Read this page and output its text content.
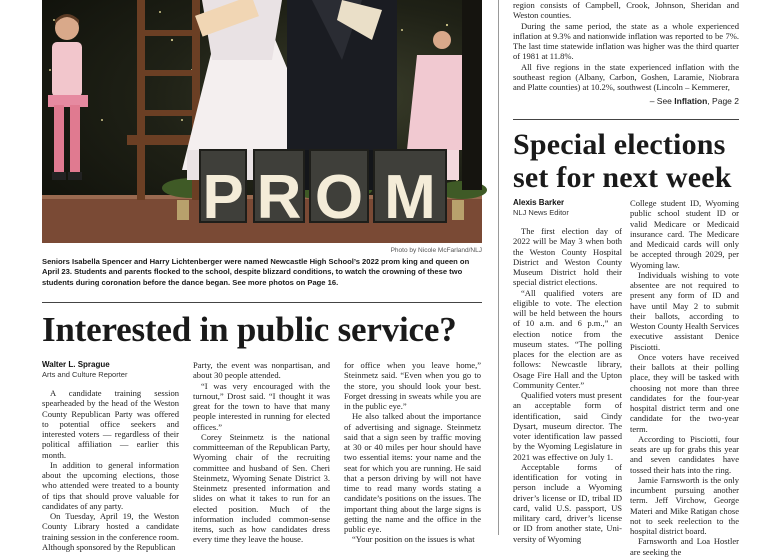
P R O M
Photo by Nicole McFarland/NLJ
Seniors Isabella Spencer and Harry Lichtenberger were named Newcastle High School’s 2022 prom king and queen on April 23. Students and parents flocked to the school, despite blizzard conditions, to watch the crowning of these two students during coronation before the dance began. See more photos on Page 16.

region consists of Campbell, Crook, Johnson, Sheridan and Weston counties.

During the same period, the state as a whole experienced inflation at 9.3% and nationwide inflation was reported to be 7%. The last time statewide inflation was higher was the third quarter of 1981 at 11.8%.

All five regions in the state experienced inflation with the southeast region (Albany, Carbon, Goshen, Laramie, Niobrara and Platte counties) at 10.2%, southwest (Lincoln – Kemmerer,

– See Inflation, Page 2
Interested in public service?
Walter L. Sprague
Arts and Culture Reporter

A candidate training session spearheaded by the head of the Weston County Republican Party was offered to potential office seekers and interested voters — regardless of their political affiliation — earlier this month.

In addition to general information about the upcoming elections, those who attended were treated to a bounty of tips that should prove valuable for candidates of any party.

On Tuesday, April 19, the Weston County Library hosted a candidate training session in the conference room. Although sponsored by the Republican

Party, the event was nonpartisan, and about 30 people attended.

“I was very encouraged with the turnout,” Drost said. “I thought it was great for the town to have that many people interested in running for elected offices.”

Corey Steinmetz is the national committeeman of the Republican Party, Wyoming chair of the recruiting committee and husband of Sen. Cheri Steinmetz, Wyoming Senate District 3. Steinmetz presented information and slides on what it takes to run for an elected position. Much of the information included common-sense items, such as how candidates dress every time they leave the house.

for office when you leave home,” Steinmetz said. “Even when you go to the store, you should look your best. Forget dressing in sweats while you are in the public eye.”

He also talked about the importance of advertising and signage. Steinmetz said that a sign seen by traffic moving at 30 or 40 miles per hour should have two essential items: your name and the seat for which you are running. He said that a person driving by will not have time to read many words stating a candidate’s positions on the issues. The important thing about the large signs is getting the name and the office in the public eye.

“Your position on the issues is what

Special elections set for next week
Alexis Barker
NLJ News Editor

The first election day of 2022 will be May 3 when both the Weston County Hospital District and Weston County Museum District hold their special district elections.

“All qualified voters are eligible to vote. The election will be held between the hours of 10 a.m. and 6 p.m.,” an election notice from the museum states. “The polling places for the election are as follows: Newcastle library, Osage Fire Hall and the Upton Community Center.”

Qualified voters must present an acceptable form of identification, said Cindy Dysart, museum director. The voter identification law passed by the Wyoming Legislature in 2021 was effective on July 1.

Acceptable forms of identification for voting in person include a Wyoming driver’s license or ID, tribal ID card, valid U.S. passport, US military card, driver’s license or ID from another state, University of Wyoming

College student ID, Wyoming public school student ID or valid Medicare or Medicaid insurance card. The Medicare and Medicaid cards will only be accepted through 2029, per Wyoming law.

Individuals wishing to vote absentee are not required to present any form of ID and have until May 2 to submit their ballots, according to Weston County Health Services executive assistant Denice Pisciotti.

Once voters have received their ballots at their polling place, they will be tasked with choosing not more than three candidates for the four-year hospital district term and one candidate for the two-year term.

According to Pisciotti, four seats are up for grabs this year and seven candidates have tossed their hats into the ring.

Jamie Farnsworth is the only incumbent pursuing another term. Jeff Virchow, George Materi and Mike Ratigan chose not to seek reelection to the hospital district board.

Farnsworth and Loa Hostler are seeking the
